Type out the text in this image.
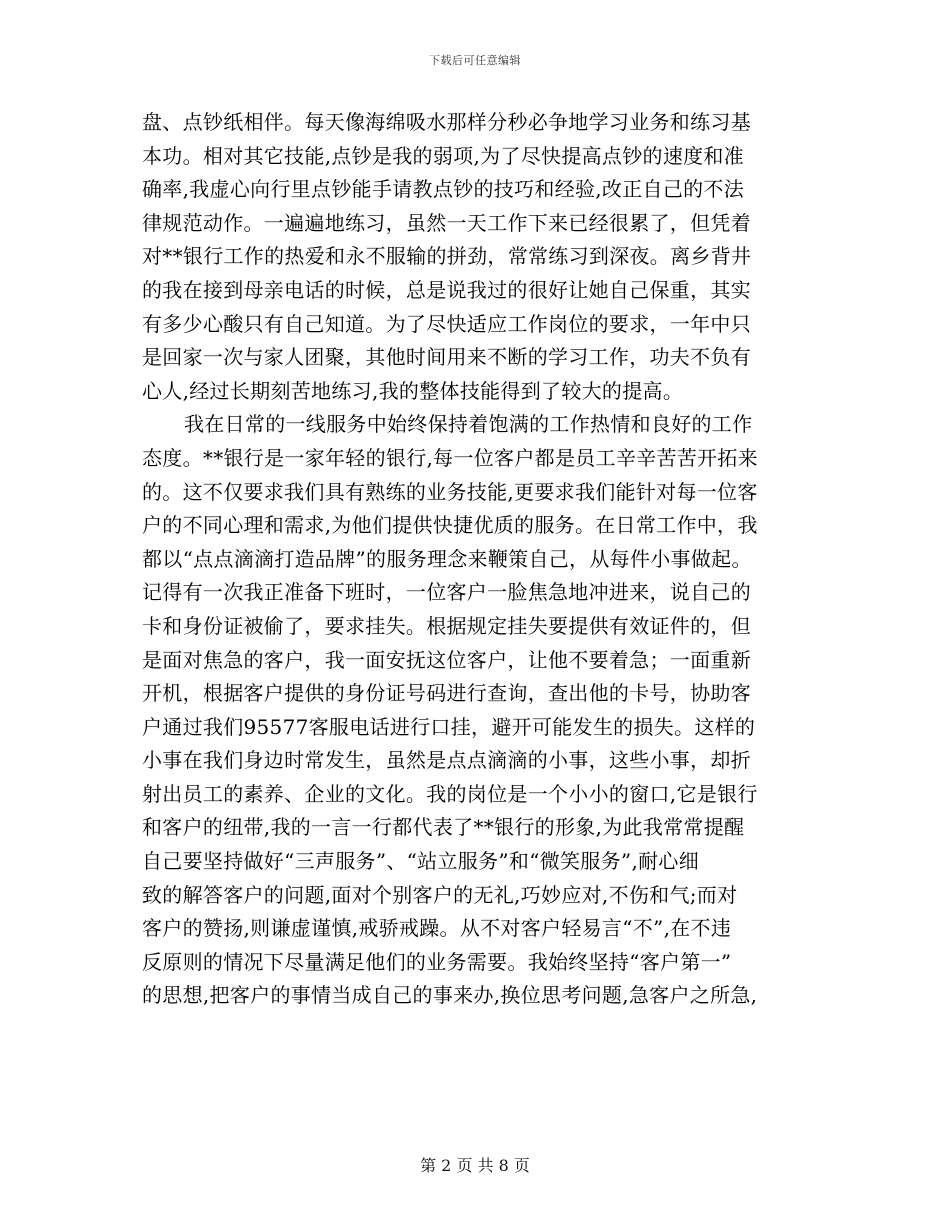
下载后可任意编辑
盘、点钞纸相伴。每天像海绵吸水那样分秒必争地学习业务和练习基
本功。相对其它技能,点钞是我的弱项,为了尽快提高点钞的速度和准
确率,我虚心向行里点钞能手请教点钞的技巧和经验,改正自己的不法
律规范动作。一遍遍地练习，虽然一天工作下来已经很累了，但凭着
对**银行工作的热爱和永不服输的拼劲，常常练习到深夜。离乡背井
的我在接到母亲电话的时候，总是说我过的很好让她自己保重，其实
有多少心酸只有自己知道。为了尽快适应工作岗位的要求，一年中只
是回家一次与家人团聚，其他时间用来不断的学习工作，功夫不负有
心人,经过长期刻苦地练习,我的整体技能得到了较大的提高。
我在日常的一线服务中始终保持着饱满的工作热情和良好的工作
态度。**银行是一家年轻的银行,每一位客户都是员工辛辛苦苦开拓来
的。这不仅要求我们具有熟练的业务技能,更要求我们能针对每一位客
户的不同心理和需求,为他们提供快捷优质的服务。在日常工作中，我
都以“点点滴滴打造品牌”的服务理念来鞭策自己，从每件小事做起。
记得有一次我正准备下班时，一位客户一脸焦急地冲进来，说自己的
卡和身份证被偷了，要求挂失。根据规定挂失要提供有效证件的，但
是面对焦急的客户，我一面安抚这位客户，让他不要着急；一面重新
开机，根据客户提供的身份证号码进行查询，查出他的卡号，协助客
户通过我们95577客服电话进行口挂，避开可能发生的损失。这样的
小事在我们身边时常发生，虽然是点点滴滴的小事，这些小事，却折
射出员工的素养、企业的文化。我的岗位是一个小小的窗口,它是银行
和客户的纽带,我的一言一行都代表了**银行的形象,为此我常常提醒
自己要坚持做好“三声服务”、“站立服务”和“微笑服务”,耐心细
致的解答客户的问题,面对个别客户的无礼,巧妙应对,不伤和气;而对
客户的赞扬,则谦虚谨慎,戒骄戒躁。从不对客户轻易言“不”,在不违
反原则的情况下尽量满足他们的业务需要。我始终坚持“客户第一”
的思想,把客户的事情当成自己的事来办,换位思考问题,急客户之所急,
第 2 页 共 8 页
